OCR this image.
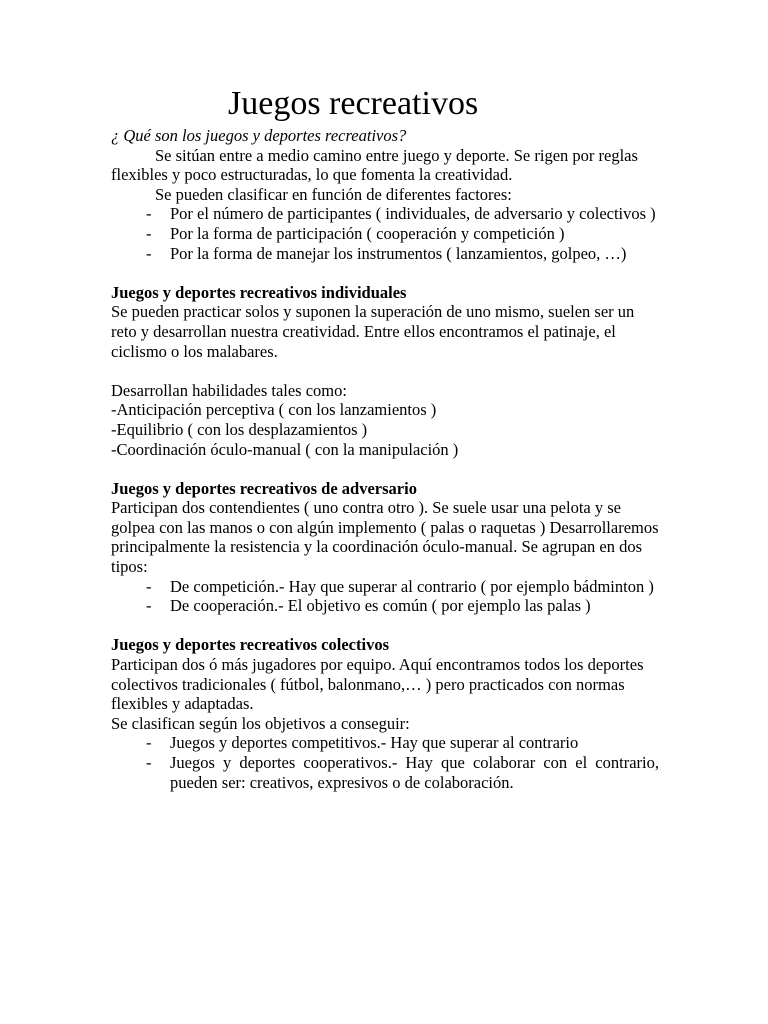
Juegos recreativos

¿ Qué son los juegos y deportes recreativos?

Se sitúan entre a medio camino entre juego y deporte. Se rigen por reglas flexibles y poco estructuradas, lo que fomenta la creatividad.

Se pueden clasificar en función de diferentes factores:

- Por el número de participantes ( individuales, de adversario y colectivos )
- Por la forma de participación ( cooperación y competición )
- Por la forma de manejar los instrumentos ( lanzamientos, golpeo, …)

Juegos y deportes recreativos individuales

Se pueden practicar solos y suponen la superación de uno mismo, suelen ser un reto y desarrollan nuestra creatividad. Entre ellos encontramos el patinaje, el ciclismo o los malabares.

Desarrollan habilidades tales como:

-Anticipación perceptiva ( con los lanzamientos )

-Equilibrio ( con los desplazamientos )

-Coordinación óculo-manual ( con la manipulación )

Juegos y deportes recreativos de adversario

Participan dos contendientes ( uno contra otro ). Se suele usar una pelota y se golpea con las manos o con algún implemento ( palas o raquetas ) Desarrollaremos principalmente la resistencia y la coordinación óculo-manual. Se agrupan en dos tipos:

- De competición.- Hay que superar al contrario ( por ejemplo bádminton )
- De cooperación.- El objetivo es común ( por ejemplo las palas )

Juegos y deportes recreativos colectivos

Participan dos ó más jugadores por equipo. Aquí encontramos todos los deportes colectivos tradicionales ( fútbol, balonmano,… ) pero practicados con normas flexibles y adaptadas.

Se clasifican según los objetivos a conseguir:

- Juegos y deportes competitivos.- Hay que superar al contrario
- Juegos y deportes cooperativos.- Hay que colaborar con el contrario, pueden ser: creativos, expresivos o de colaboración.
